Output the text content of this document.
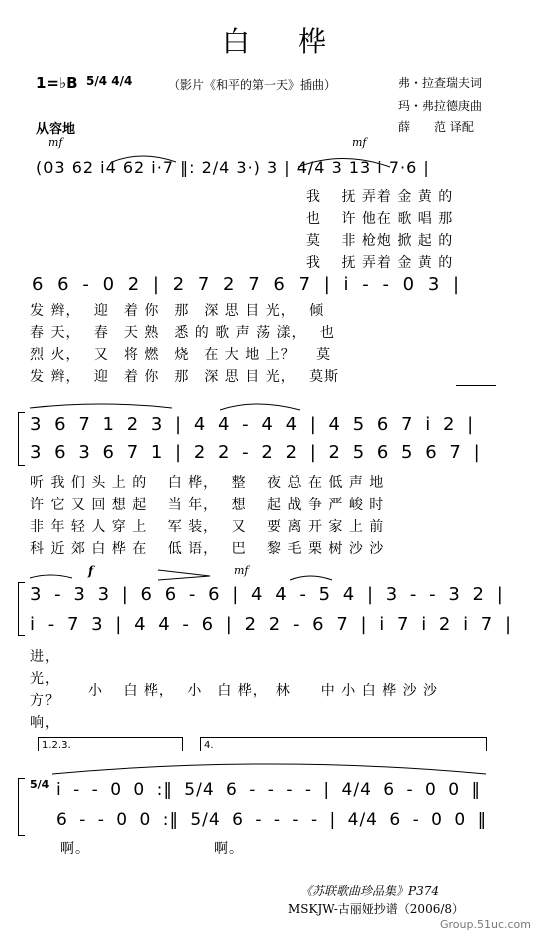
白　桦
1=♭B 5/4 4/4	（影片《和平的第一天》插曲）	弗・拉查瑞夫词
玛・弗拉德庚曲
薛　　范 译配
从容地
mf	mf
(03 62 i4 62 i·7 ‖: 2/4 3·) 3 | 4/4 3 13 i 7·6 |
我　 抚 弄着 金 黄 的
也　 许 他在 歌 唱 那
莫　 非 枪炮 掀 起 的
我　 抚 弄着 金 黄 的
6 6 - 0 2 | 2 7 2 7 6 7 | i - - 0 3 |
发 辫，　 迎　着 你　那　深 思 目 光，　 倾
春 天，　 春　天 熟　悉 的 歌 声 荡 漾，　 也
烈 火，　 又　将 燃　烧　在 大 地 上？　 莫
发 辫，　 迎　着 你　那　深 思 目 光，　 莫斯
3 6 7 1 2 3 | 4 4 - 4 4 | 4 5 6 7 i 2 |
3 6 3 6 7 1 | 2 2 - 2 2 | 2 5 6 5 6 7 |
听 我 们 头 上 的　 白 桦，　 整　 夜 总 在 低 声 地
许 它 又 回 想 起　 当 年，　 想　 起 战 争 严 峻 时
非 年 轻 人 穿 上　 军 装，　 又　 要 离 开 家 上 前
科 近 郊 白 桦 在　 低 语，　 巴　 黎 毛 栗 树 沙 沙
f	mf
3 - 3 3 | 6 6 - 6 | 4 4 - 5 4 | 3 - - 3 2 |
i - 7 3 | 4 4 - 6 | 2 2 - 6 7 | i 7 i 2 i 7 |
进，
光，
方？
响，
小　 白 桦，　 小　白 桦，　林　　中 小 白 桦 沙 沙
1.2.3.	4.
5/4 i - - 0 0 :‖ 5/4 6 - - - - | 4/4 6 - 0 0 ‖
6 - - 0 0 :‖ 5/4 6 - - - - | 4/4 6 - 0 0 ‖
啊。	啊。
《苏联歌曲珍品集》P374
MSKJW-古丽娅抄谱（2006/8）
Group.51uc.com
